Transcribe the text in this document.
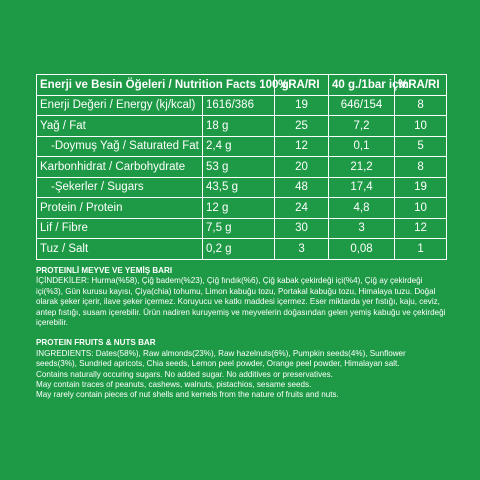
Enerji ve Besin Öğeleri / Nutrition Facts 100 g		%RA/RI	40 g./1bar için	%RA/RI
Enerji Değeri / Energy (kj/kcal)	1616/386	19	646/154	8
Yağ / Fat	18 g	25	7,2	10
-Doymuş Yağ / Saturated Fat	2,4 g	12	0,1	5
Karbonhidrat / Carbohydrate	53 g	20	21,2	8
-Şekerler / Sugars	43,5 g	48	17,4	19
Protein / Protein	12 g	24	4,8	10
Lif / Fibre	7,5 g	30	3	12
Tuz / Salt	0,2 g	3	0,08	1
PROTEINLİ MEYVE VE YEMİŞ BARI

İÇİNDEKİLER: Hurma(%58), Çiğ badem(%23), Çiğ fındık(%6), Çiğ kabak çekirdeği içi(%4), Çiğ ay çekirdeği içi(%3), Gün kurusu kayısı, Çiya(chia) tohumu, Limon kabuğu tozu, Portakal kabuğu tozu, Himalaya tuzu. Doğal olarak şeker içerir, ilave şeker içermez. Koruyucu ve katkı maddesi içermez. Eser miktarda yer fıstığı, kaju, ceviz, antep fıstığı, susam içerebilir. Ürün nadiren kuruyemiş ve meyvelerin doğasından gelen yemiş kabuğu ve çekirdeği içerebilir.

PROTEIN FRUITS & NUTS BAR

INGREDIENTS: Dates(58%), Raw almonds(23%), Raw hazelnuts(6%), Pumpkin seeds(4%), Sunflower seeds(3%), Sundried apricots, Chia seeds, Lemon peel powder, Orange peel powder, Himalayan salt.

Contains naturally occuring sugars. No added sugar. No additives or preservatives.

May contain traces of peanuts, cashews, walnuts, pistachios, sesame seeds.

May rarely contain pieces of nut shells and kernels from the nature of fruits and nuts.
